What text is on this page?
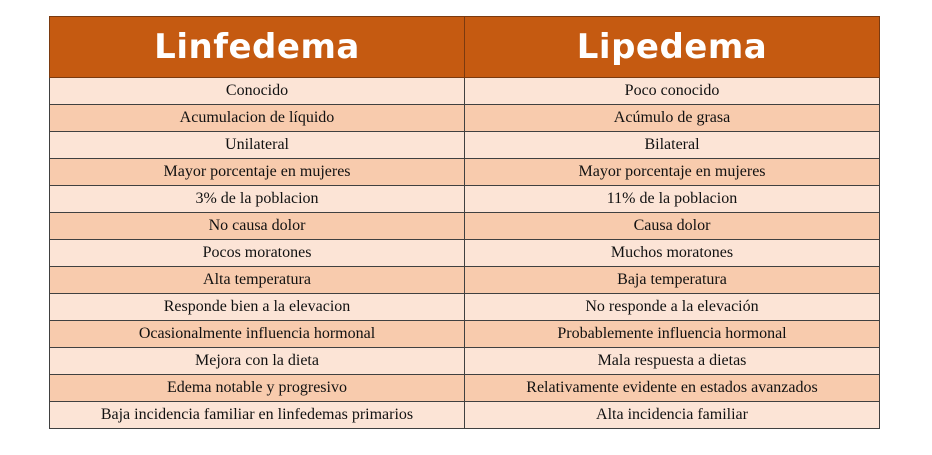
Linfedema	Lipedema
Conocido	Poco conocido
Acumulacion de líquido	Acúmulo de grasa
Unilateral	Bilateral
Mayor porcentaje en mujeres	Mayor porcentaje en mujeres
3% de la poblacion	11% de la poblacion
No causa dolor	Causa dolor
Pocos moratones	Muchos moratones
Alta temperatura	Baja temperatura
Responde bien a la elevacion	No responde a la elevación
Ocasionalmente influencia hormonal	Probablemente influencia hormonal
Mejora con la dieta	Mala respuesta a dietas
Edema notable y progresivo	Relativamente evidente en estados avanzados
Baja incidencia familiar en linfedemas primarios	Alta incidencia familiar
